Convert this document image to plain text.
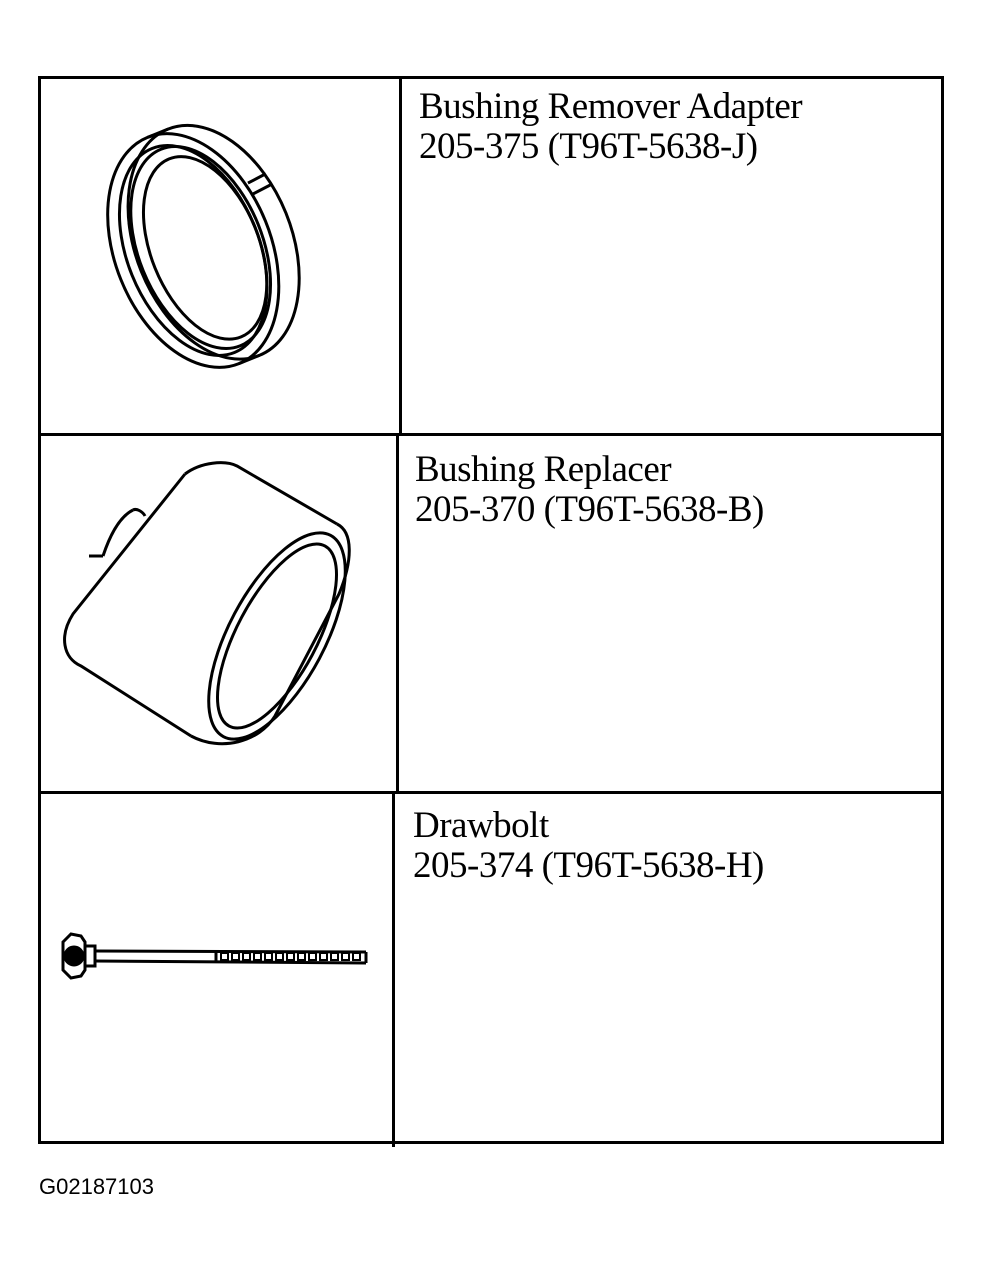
Bushing Remover Adapter
205-375 (T96T-5638-J)
Bushing Replacer
205-370 (T96T-5638-B)
Drawbolt
205-374 (T96T-5638-H)
G02187103
